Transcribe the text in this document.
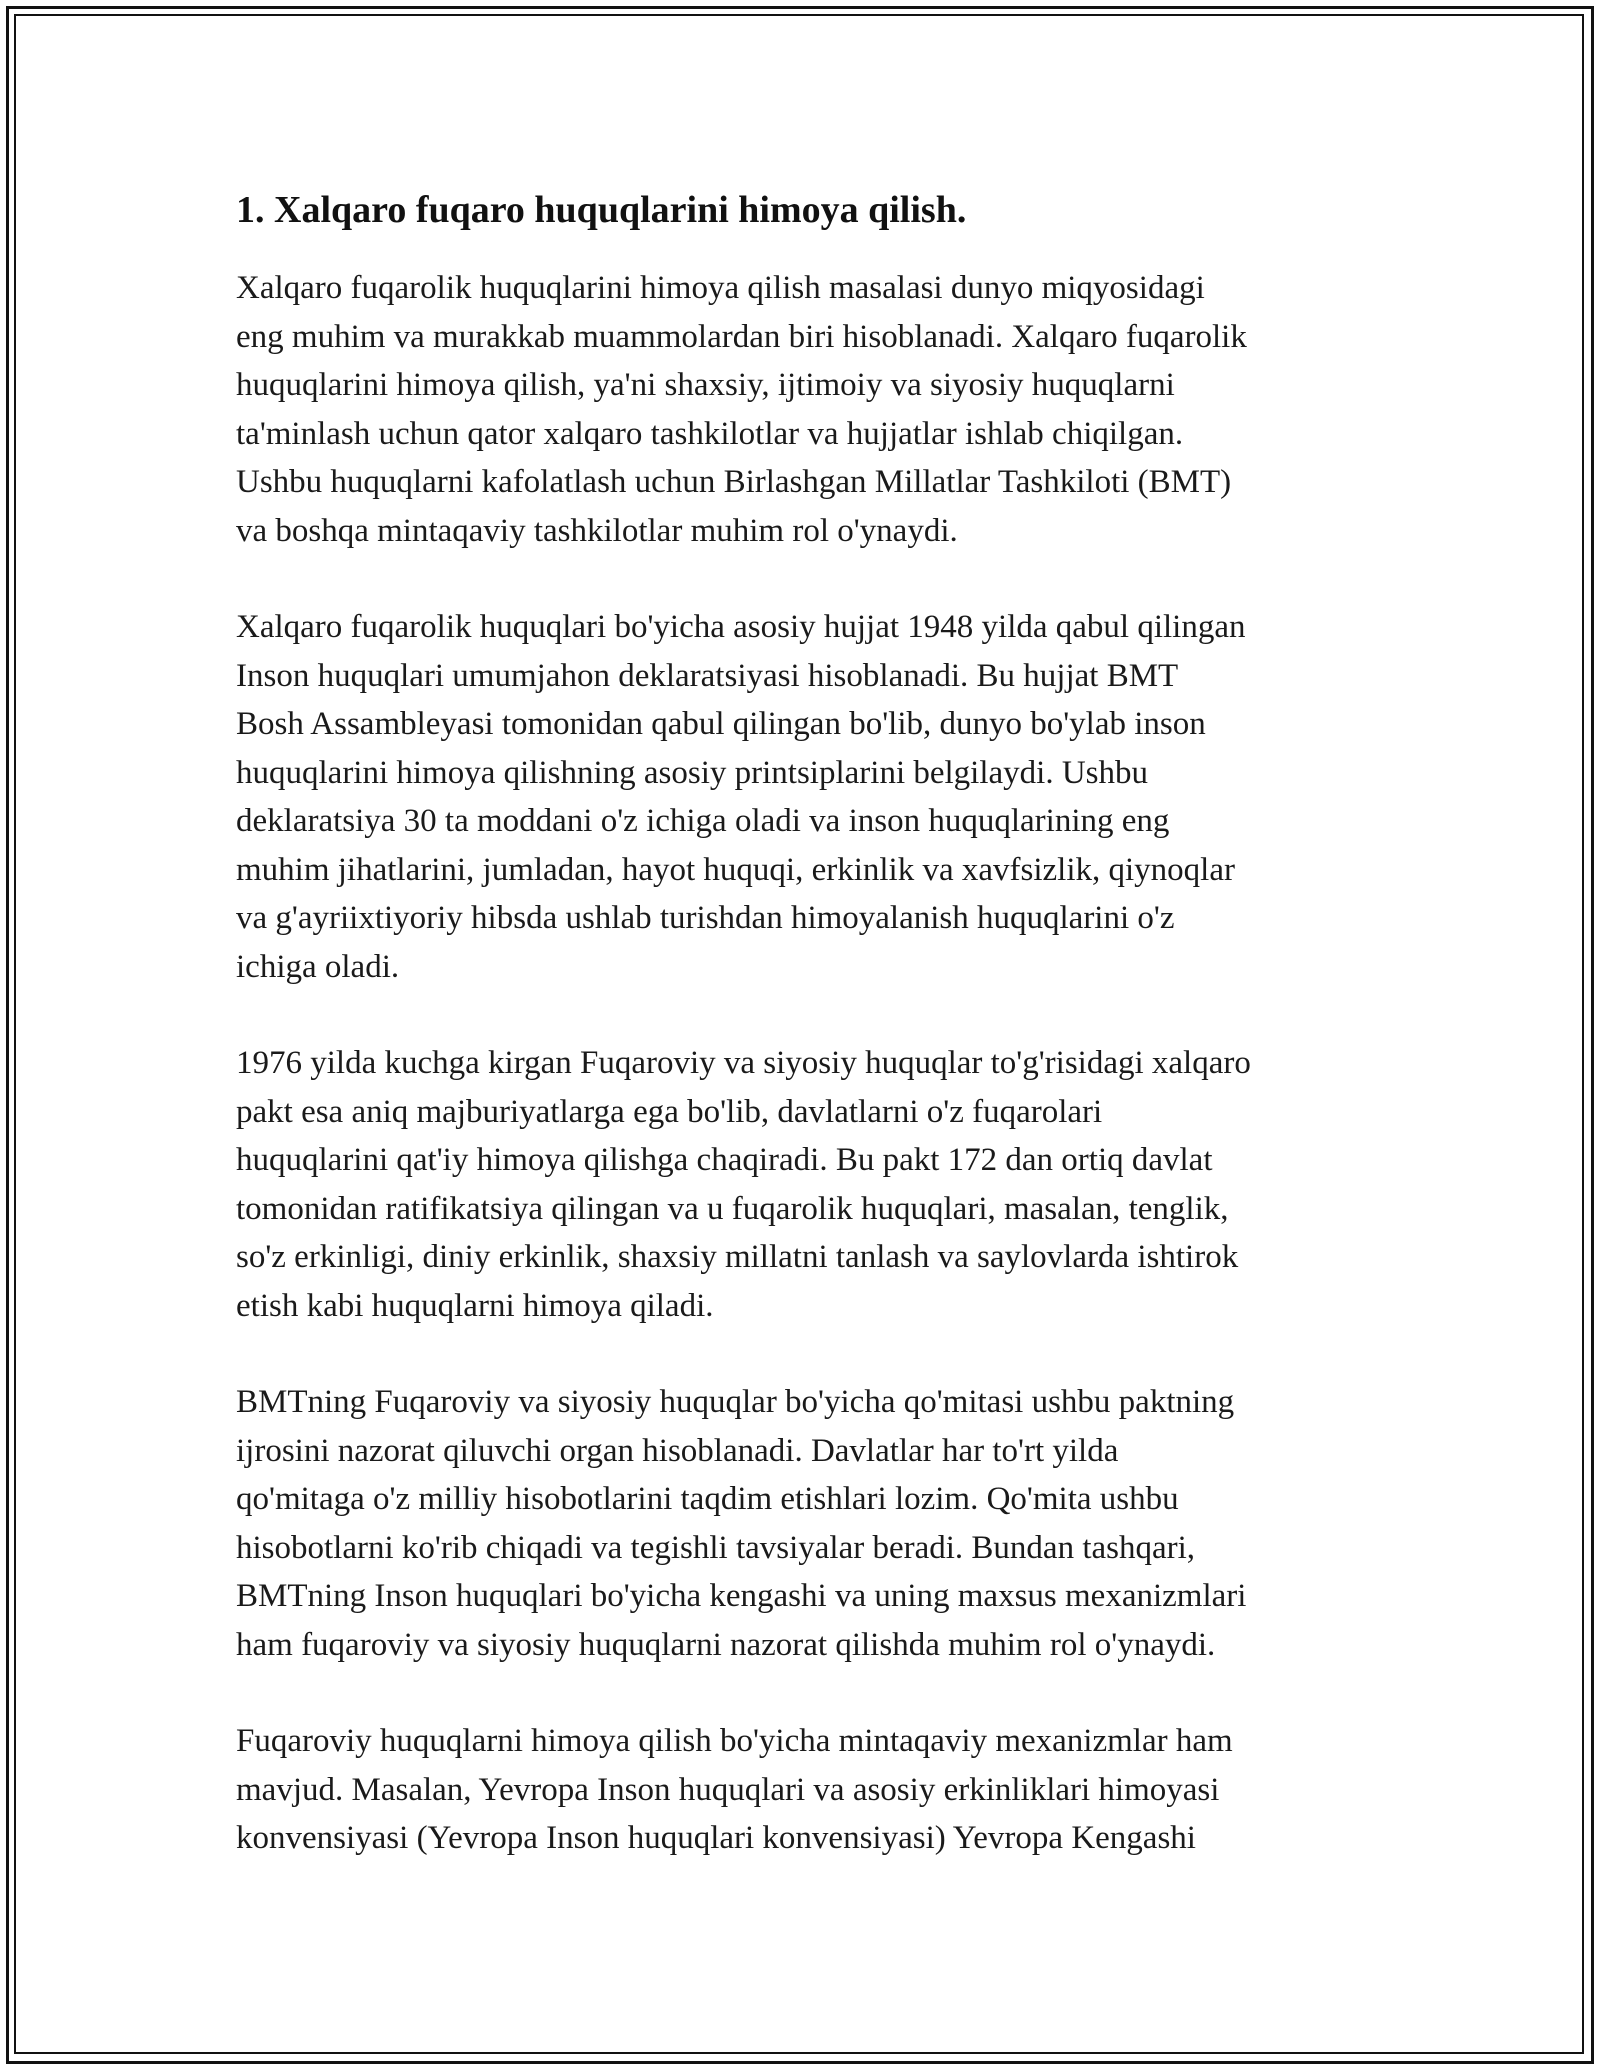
1. Xalqaro fuqaro huquqlarini himoya qilish.
Xalqaro fuqarolik huquqlarini himoya qilish masalasi dunyo miqyosidagi
eng muhim va murakkab muammolardan biri hisoblanadi. Xalqaro fuqarolik
huquqlarini himoya qilish, ya'ni shaxsiy, ijtimoiy va siyosiy huquqlarni
ta'minlash uchun qator xalqaro tashkilotlar va hujjatlar ishlab chiqilgan.
Ushbu huquqlarni kafolatlash uchun Birlashgan Millatlar Tashkiloti (BMT)
va boshqa mintaqaviy tashkilotlar muhim rol o'ynaydi.
Xalqaro fuqarolik huquqlari bo'yicha asosiy hujjat 1948 yilda qabul qilingan
Inson huquqlari umumjahon deklaratsiyasi hisoblanadi. Bu hujjat BMT
Bosh Assambleyasi tomonidan qabul qilingan bo'lib, dunyo bo'ylab inson
huquqlarini himoya qilishning asosiy printsiplarini belgilaydi. Ushbu
deklaratsiya 30 ta moddani o'z ichiga oladi va inson huquqlarining eng
muhim jihatlarini, jumladan, hayot huquqi, erkinlik va xavfsizlik, qiynoqlar
va g'ayriixtiyoriy hibsda ushlab turishdan himoyalanish huquqlarini o'z
ichiga oladi.
1976 yilda kuchga kirgan Fuqaroviy va siyosiy huquqlar to'g'risidagi xalqaro
pakt esa aniq majburiyatlarga ega bo'lib, davlatlarni o'z fuqarolari
huquqlarini qat'iy himoya qilishga chaqiradi. Bu pakt 172 dan ortiq davlat
tomonidan ratifikatsiya qilingan va u fuqarolik huquqlari, masalan, tenglik,
so'z erkinligi, diniy erkinlik, shaxsiy millatni tanlash va saylovlarda ishtirok
etish kabi huquqlarni himoya qiladi.
BMTning Fuqaroviy va siyosiy huquqlar bo'yicha qo'mitasi ushbu paktning
ijrosini nazorat qiluvchi organ hisoblanadi. Davlatlar har to'rt yilda
qo'mitaga o'z milliy hisobotlarini taqdim etishlari lozim. Qo'mita ushbu
hisobotlarni ko'rib chiqadi va tegishli tavsiyalar beradi. Bundan tashqari,
BMTning Inson huquqlari bo'yicha kengashi va uning maxsus mexanizmlari
ham fuqaroviy va siyosiy huquqlarni nazorat qilishda muhim rol o'ynaydi.
Fuqaroviy huquqlarni himoya qilish bo'yicha mintaqaviy mexanizmlar ham
mavjud. Masalan, Yevropa Inson huquqlari va asosiy erkinliklari himoyasi
konvensiyasi (Yevropa Inson huquqlari konvensiyasi) Yevropa Kengashi
